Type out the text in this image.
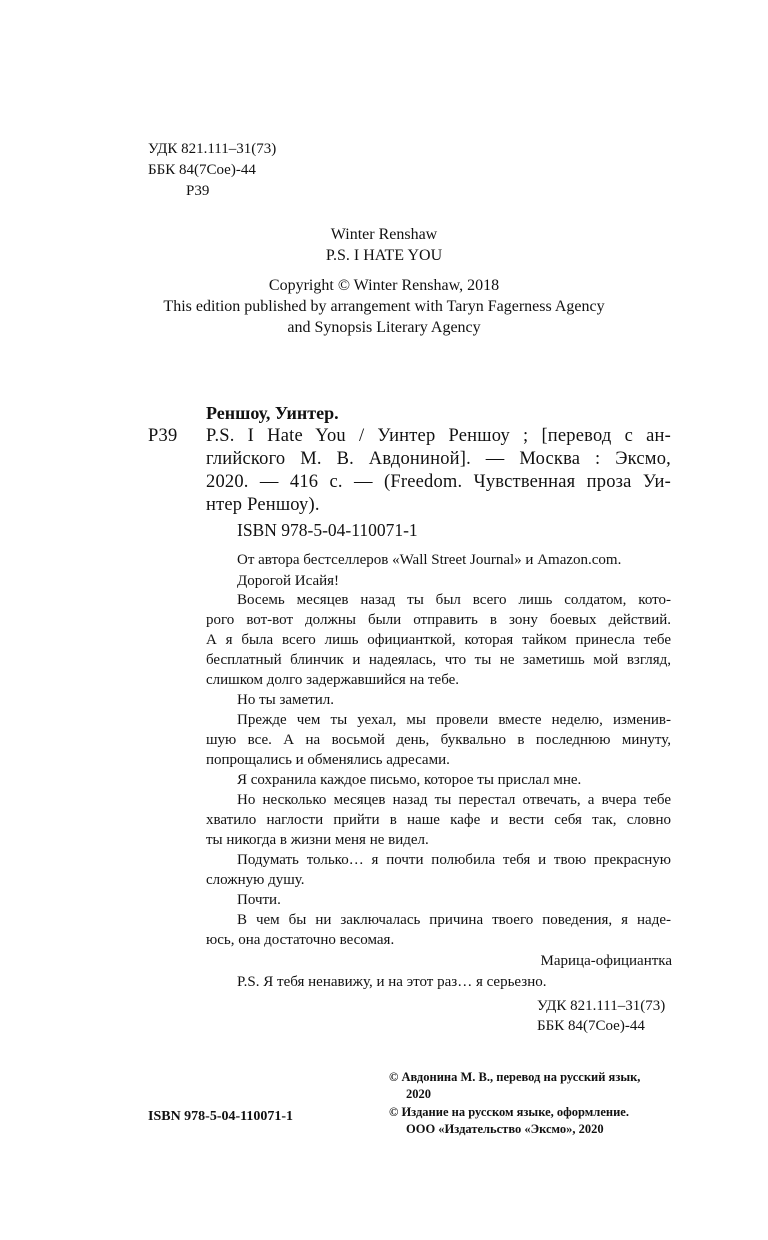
УДК 821.111–31(73)
ББК 84(7Сое)-44
Р39
Winter Renshaw
P.S. I HATE YOU
Copyright © Winter Renshaw, 2018
This edition published by arrangement with Taryn Fagerness Agency
and Synopsis Literary Agency
Реншоу, Уинтер.
Р39 P.S. I Hate You / Уинтер Реншоу ; [перевод с ан-
глийского М. В. Авдониной]. — Москва : Эксмо,
2020. — 416 с. — (Freedom. Чувственная проза Уи-
нтер Реншоу).
ISBN 978-5-04-110071-1
От автора бестселлеров «Wall Street Journal» и Amazon.com.
Дорогой Исайя!
Восемь месяцев назад ты был всего лишь солдатом, кото-
рого вот-вот должны были отправить в зону боевых действий.
А я была всего лишь официанткой, которая тайком принесла тебе
бесплатный блинчик и надеялась, что ты не заметишь мой взгляд,
слишком долго задержавшийся на тебе.
Но ты заметил.
Прежде чем ты уехал, мы провели вместе неделю, изменив-
шую все. А на восьмой день, буквально в последнюю минуту,
попрощались и обменялись адресами.
Я сохранила каждое письмо, которое ты прислал мне.
Но несколько месяцев назад ты перестал отвечать, а вчера тебе
хватило наглости прийти в наше кафе и вести себя так, словно
ты никогда в жизни меня не видел.
Подумать только… я почти полюбила тебя и твою прекрасную
сложную душу.
Почти.
В чем бы ни заключалась причина твоего поведения, я наде-
юсь, она достаточно весомая.
Марица-официантка
P.S. Я тебя ненавижу, и на этот раз… я серьезно.
УДК 821.111–31(73)
ББК 84(7Сое)-44
© Авдонина М. В., перевод на русский язык,
2020
© Издание на русском языке, оформление.
ООО «Издательство «Эксмо», 2020
ISBN 978-5-04-110071-1
